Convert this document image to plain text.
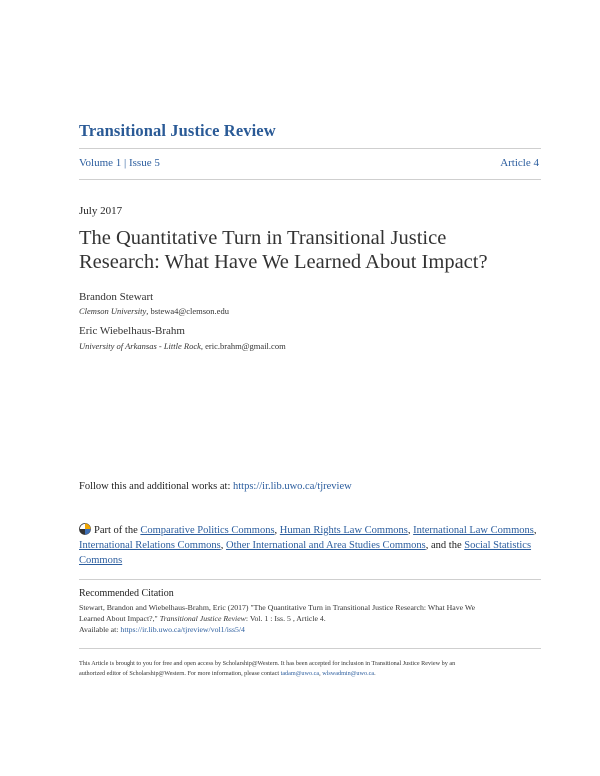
Transitional Justice Review
Volume 1 | Issue 5	Article 4
July 2017
The Quantitative Turn in Transitional Justice
Research: What Have We Learned About Impact?
Brandon Stewart
Clemson University, bstewa4@clemson.edu
Eric Wiebelhaus-Brahm
University of Arkansas - Little Rock, eric.brahm@gmail.com
Follow this and additional works at: https://ir.lib.uwo.ca/tjreview
Part of the Comparative Politics Commons, Human Rights Law Commons, International Law Commons, International Relations Commons, Other International and Area Studies Commons, and the Social Statistics Commons
Recommended Citation
Stewart, Brandon and Wiebelhaus-Brahm, Eric (2017) "The Quantitative Turn in Transitional Justice Research: What Have We
Learned About Impact?," Transitional Justice Review: Vol. 1 : Iss. 5 , Article 4.
Available at: https://ir.lib.uwo.ca/tjreview/vol1/iss5/4
This Article is brought to you for free and open access by Scholarship@Western. It has been accepted for inclusion in Transitional Justice Review by an
authorized editor of Scholarship@Western. For more information, please contact tadam@uwo.ca, wlswadmin@uwo.ca.
